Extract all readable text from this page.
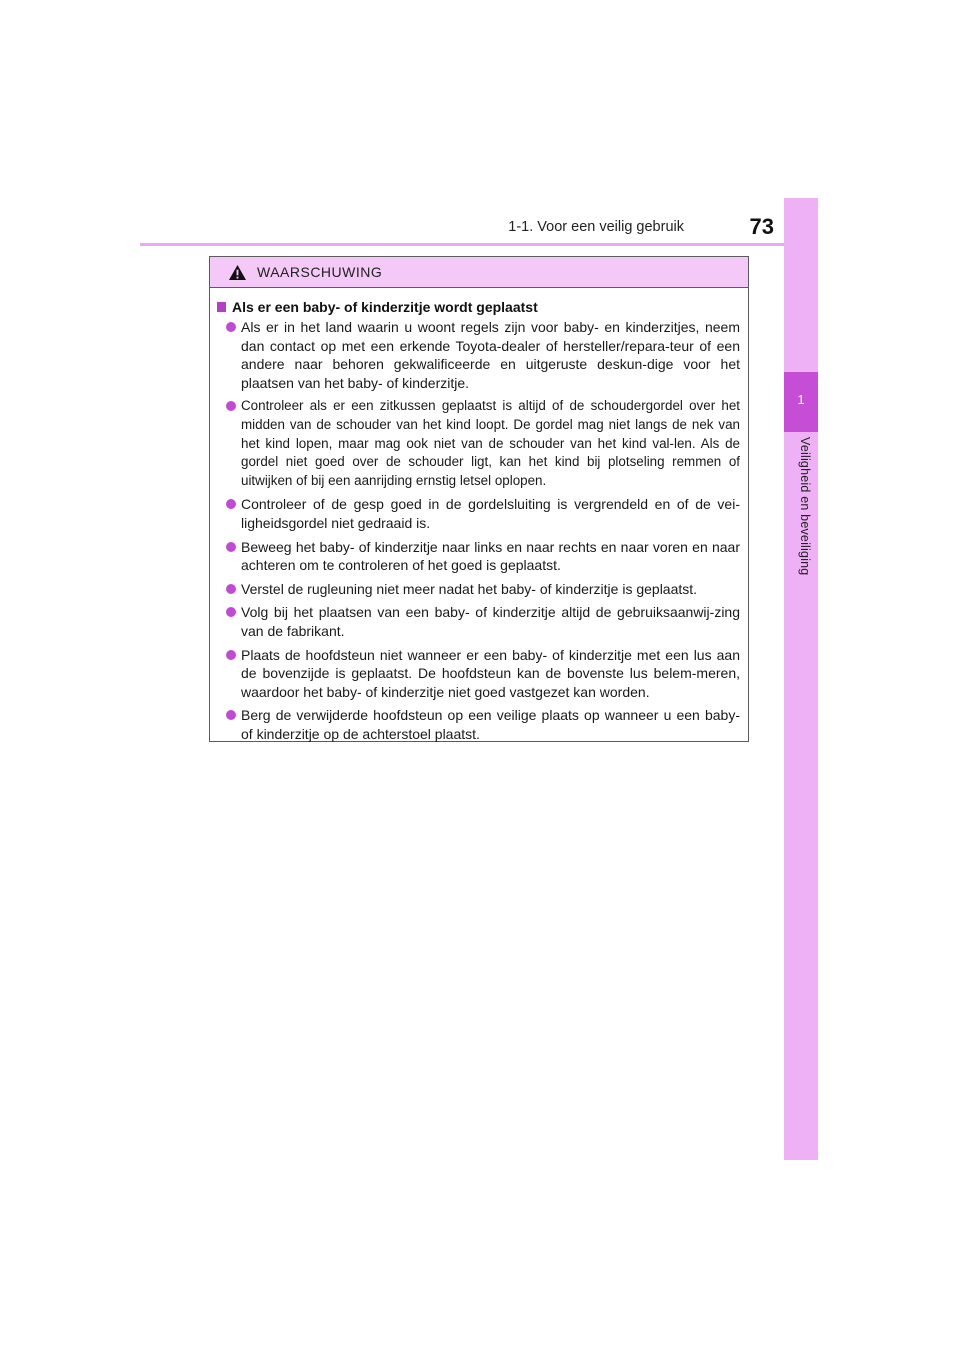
1-1. Voor een veilig gebruik	73
1
Veiligheid en beveiliging
WAARSCHUWING
Als er een baby- of kinderzitje wordt geplaatst
Als er in het land waarin u woont regels zijn voor baby- en kinderzitjes, neem dan contact op met een erkende Toyota-dealer of hersteller/repara-teur of een andere naar behoren gekwalificeerde en uitgeruste deskun-dige voor het plaatsen van het baby- of kinderzitje.
Controleer als er een zitkussen geplaatst is altijd of de schoudergordel over het midden van de schouder van het kind loopt. De gordel mag niet langs de nek van het kind lopen, maar mag ook niet van de schouder van het kind val-len. Als de gordel niet goed over de schouder ligt, kan het kind bij plotseling remmen of uitwijken of bij een aanrijding ernstig letsel oplopen.
Controleer of de gesp goed in de gordelsluiting is vergrendeld en of de vei-ligheidsgordel niet gedraaid is.
Beweeg het baby- of kinderzitje naar links en naar rechts en naar voren en naar achteren om te controleren of het goed is geplaatst.
Verstel de rugleuning niet meer nadat het baby- of kinderzitje is geplaatst.
Volg bij het plaatsen van een baby- of kinderzitje altijd de gebruiksaanwij-zing van de fabrikant.
Plaats de hoofdsteun niet wanneer er een baby- of kinderzitje met een lus aan de bovenzijde is geplaatst. De hoofdsteun kan de bovenste lus belem-meren, waardoor het baby- of kinderzitje niet goed vastgezet kan worden.
Berg de verwijderde hoofdsteun op een veilige plaats op wanneer u een baby- of kinderzitje op de achterstoel plaatst.
